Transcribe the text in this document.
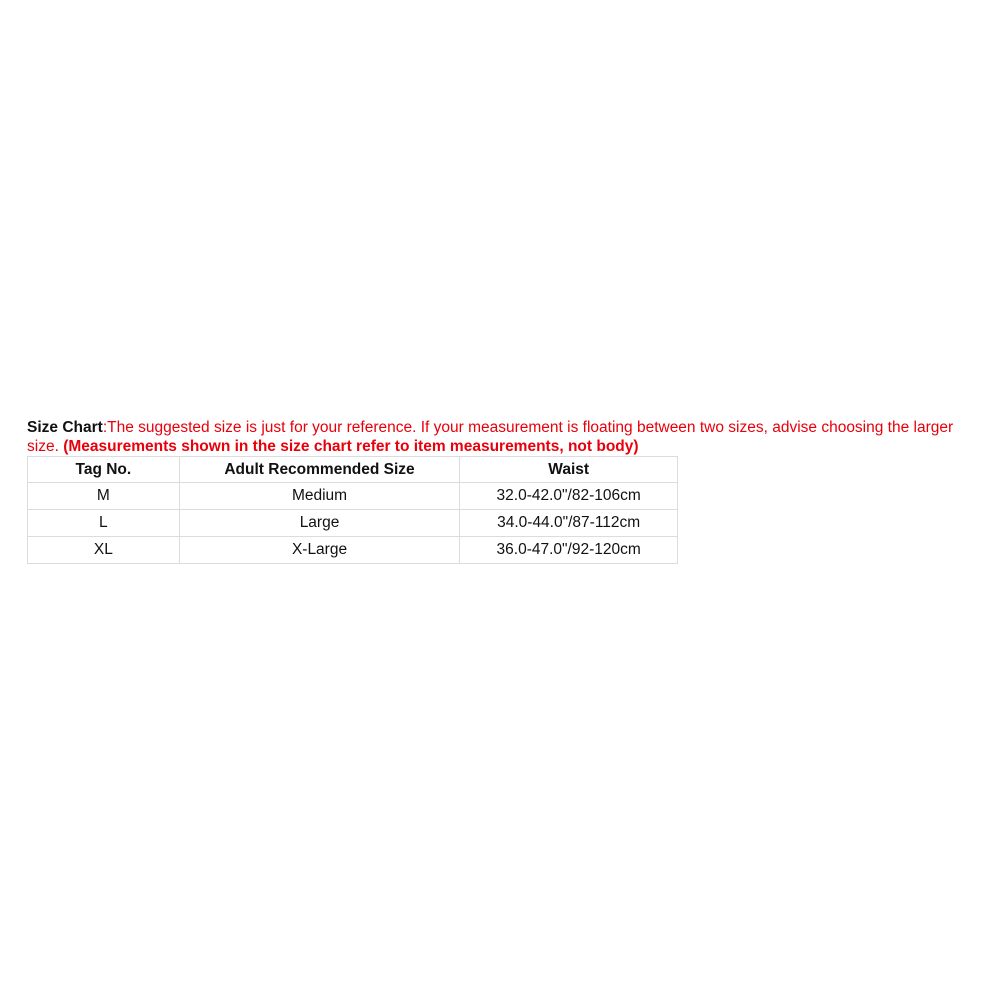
Size Chart:The suggested size is just for your reference. If your measurement is floating between two sizes, advise choosing the larger size. (Measurements shown in the size chart refer to item measurements, not body)
Tag No.	Adult Recommended Size	Waist
M	Medium	32.0-42.0"/82-106cm
L	Large	34.0-44.0"/87-112cm
XL	X-Large	36.0-47.0"/92-120cm
